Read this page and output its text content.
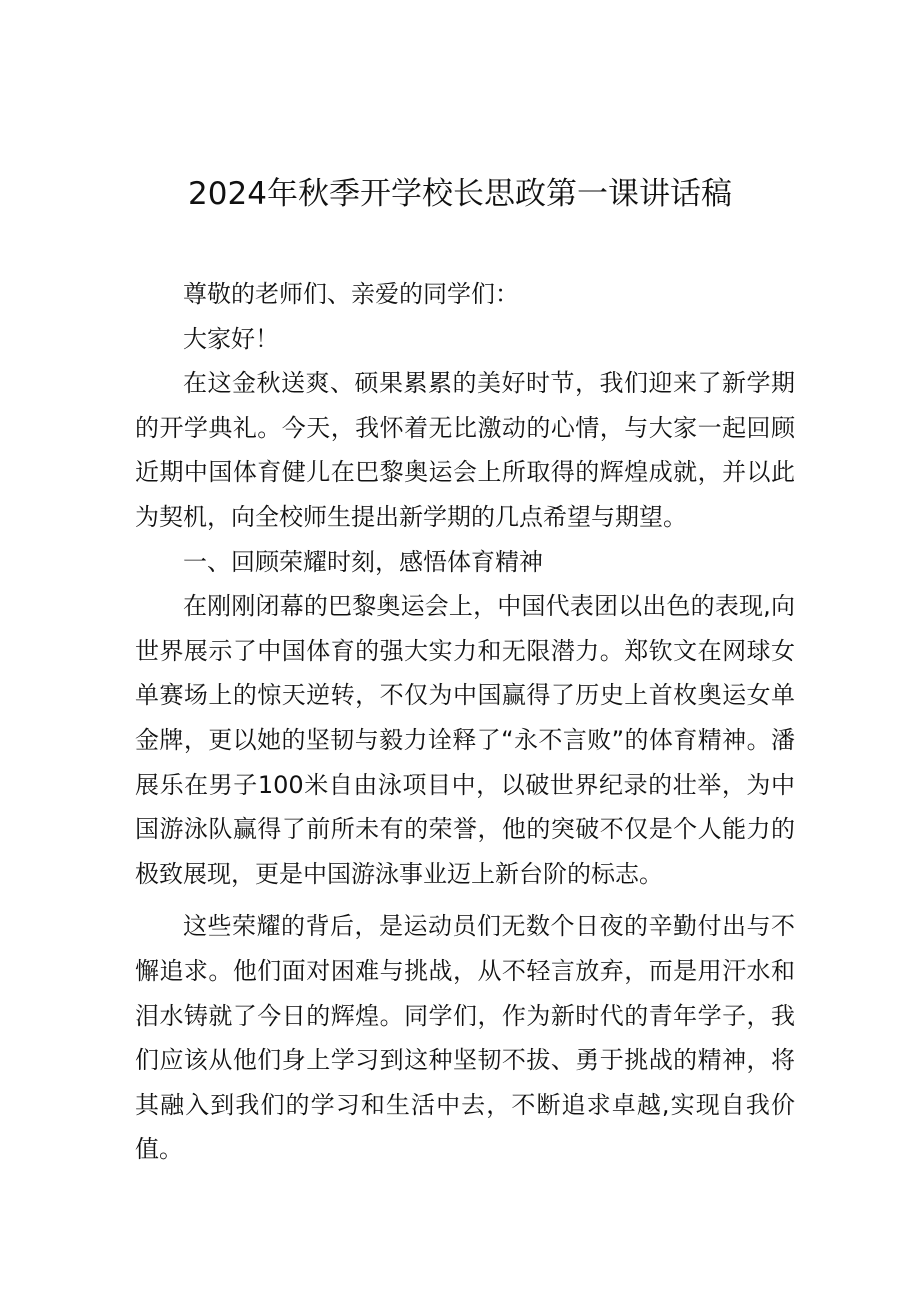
2024年秋季开学校长思政第一课讲话稿

尊敬的老师们、亲爱的同学们：

大家好！

在这金秋送爽、硕果累累的美好时节，我们迎来了新学期的开学典礼。今天，我怀着无比激动的心情，与大家一起回顾近期中国体育健儿在巴黎奥运会上所取得的辉煌成就，并以此为契机，向全校师生提出新学期的几点希望与期望。

一、回顾荣耀时刻，感悟体育精神

在刚刚闭幕的巴黎奥运会上，中国代表团以出色的表现,向世界展示了中国体育的强大实力和无限潜力。郑钦文在网球女单赛场上的惊天逆转，不仅为中国赢得了历史上首枚奥运女单金牌，更以她的坚韧与毅力诠释了“永不言败”的体育精神。潘展乐在男子100米自由泳项目中，以破世界纪录的壮举，为中国游泳队赢得了前所未有的荣誉，他的突破不仅是个人能力的极致展现，更是中国游泳事业迈上新台阶的标志。

这些荣耀的背后，是运动员们无数个日夜的辛勤付出与不懈追求。他们面对困难与挑战，从不轻言放弃，而是用汗水和泪水铸就了今日的辉煌。同学们，作为新时代的青年学子，我们应该从他们身上学习到这种坚韧不拔、勇于挑战的精神，将其融入到我们的学习和生活中去，不断追求卓越,实现自我价值。
